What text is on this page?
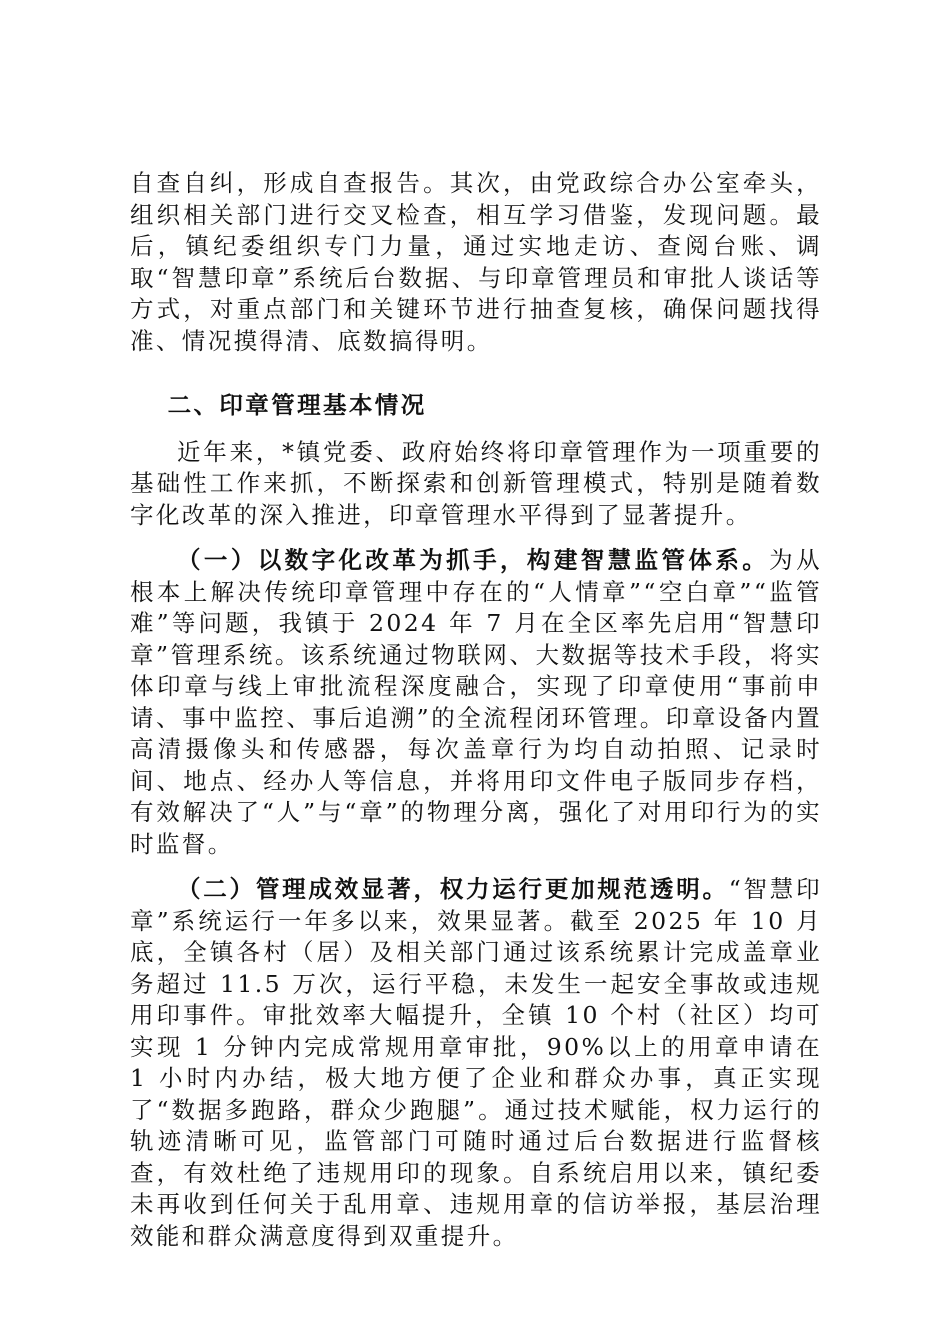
自查自纠，形成自查报告。其次，由党政综合办公室牵头，组织相关部门进行交叉检查，相互学习借鉴，发现问题。最后，镇纪委组织专门力量，通过实地走访、查阅台账、调取“智慧印章”系统后台数据、与印章管理员和审批人谈话等方式，对重点部门和关键环节进行抽查复核，确保问题找得准、情况摸得清、底数搞得明。

二、印章管理基本情况

近年来，*镇党委、政府始终将印章管理作为一项重要的基础性工作来抓，不断探索和创新管理模式，特别是随着数字化改革的深入推进，印章管理水平得到了显著提升。

（一）以数字化改革为抓手，构建智慧监管体系。为从根本上解决传统印章管理中存在的“人情章”“空白章”“监管难”等问题，我镇于 2024 年 7 月在全区率先启用“智慧印章”管理系统。该系统通过物联网、大数据等技术手段，将实体印章与线上审批流程深度融合，实现了印章使用“事前申请、事中监控、事后追溯”的全流程闭环管理。印章设备内置高清摄像头和传感器，每次盖章行为均自动拍照、记录时间、地点、经办人等信息，并将用印文件电子版同步存档，有效解决了“人”与“章”的物理分离，强化了对用印行为的实时监督。

（二）管理成效显著，权力运行更加规范透明。“智慧印章”系统运行一年多以来，效果显著。截至 2025 年 10 月底，全镇各村（居）及相关部门通过该系统累计完成盖章业务超过 11.5 万次，运行平稳，未发生一起安全事故或违规用印事件。审批效率大幅提升，全镇 10 个村（社区）均可实现 1 分钟内完成常规用章审批，90%以上的用章申请在 1 小时内办结，极大地方便了企业和群众办事，真正实现了“数据多跑路，群众少跑腿”。通过技术赋能，权力运行的轨迹清晰可见，监管部门可随时通过后台数据进行监督核查，有效杜绝了违规用印的现象。自系统启用以来，镇纪委未再收到任何关于乱用章、违规用章的信访举报，基层治理效能和群众满意度得到双重提升。
